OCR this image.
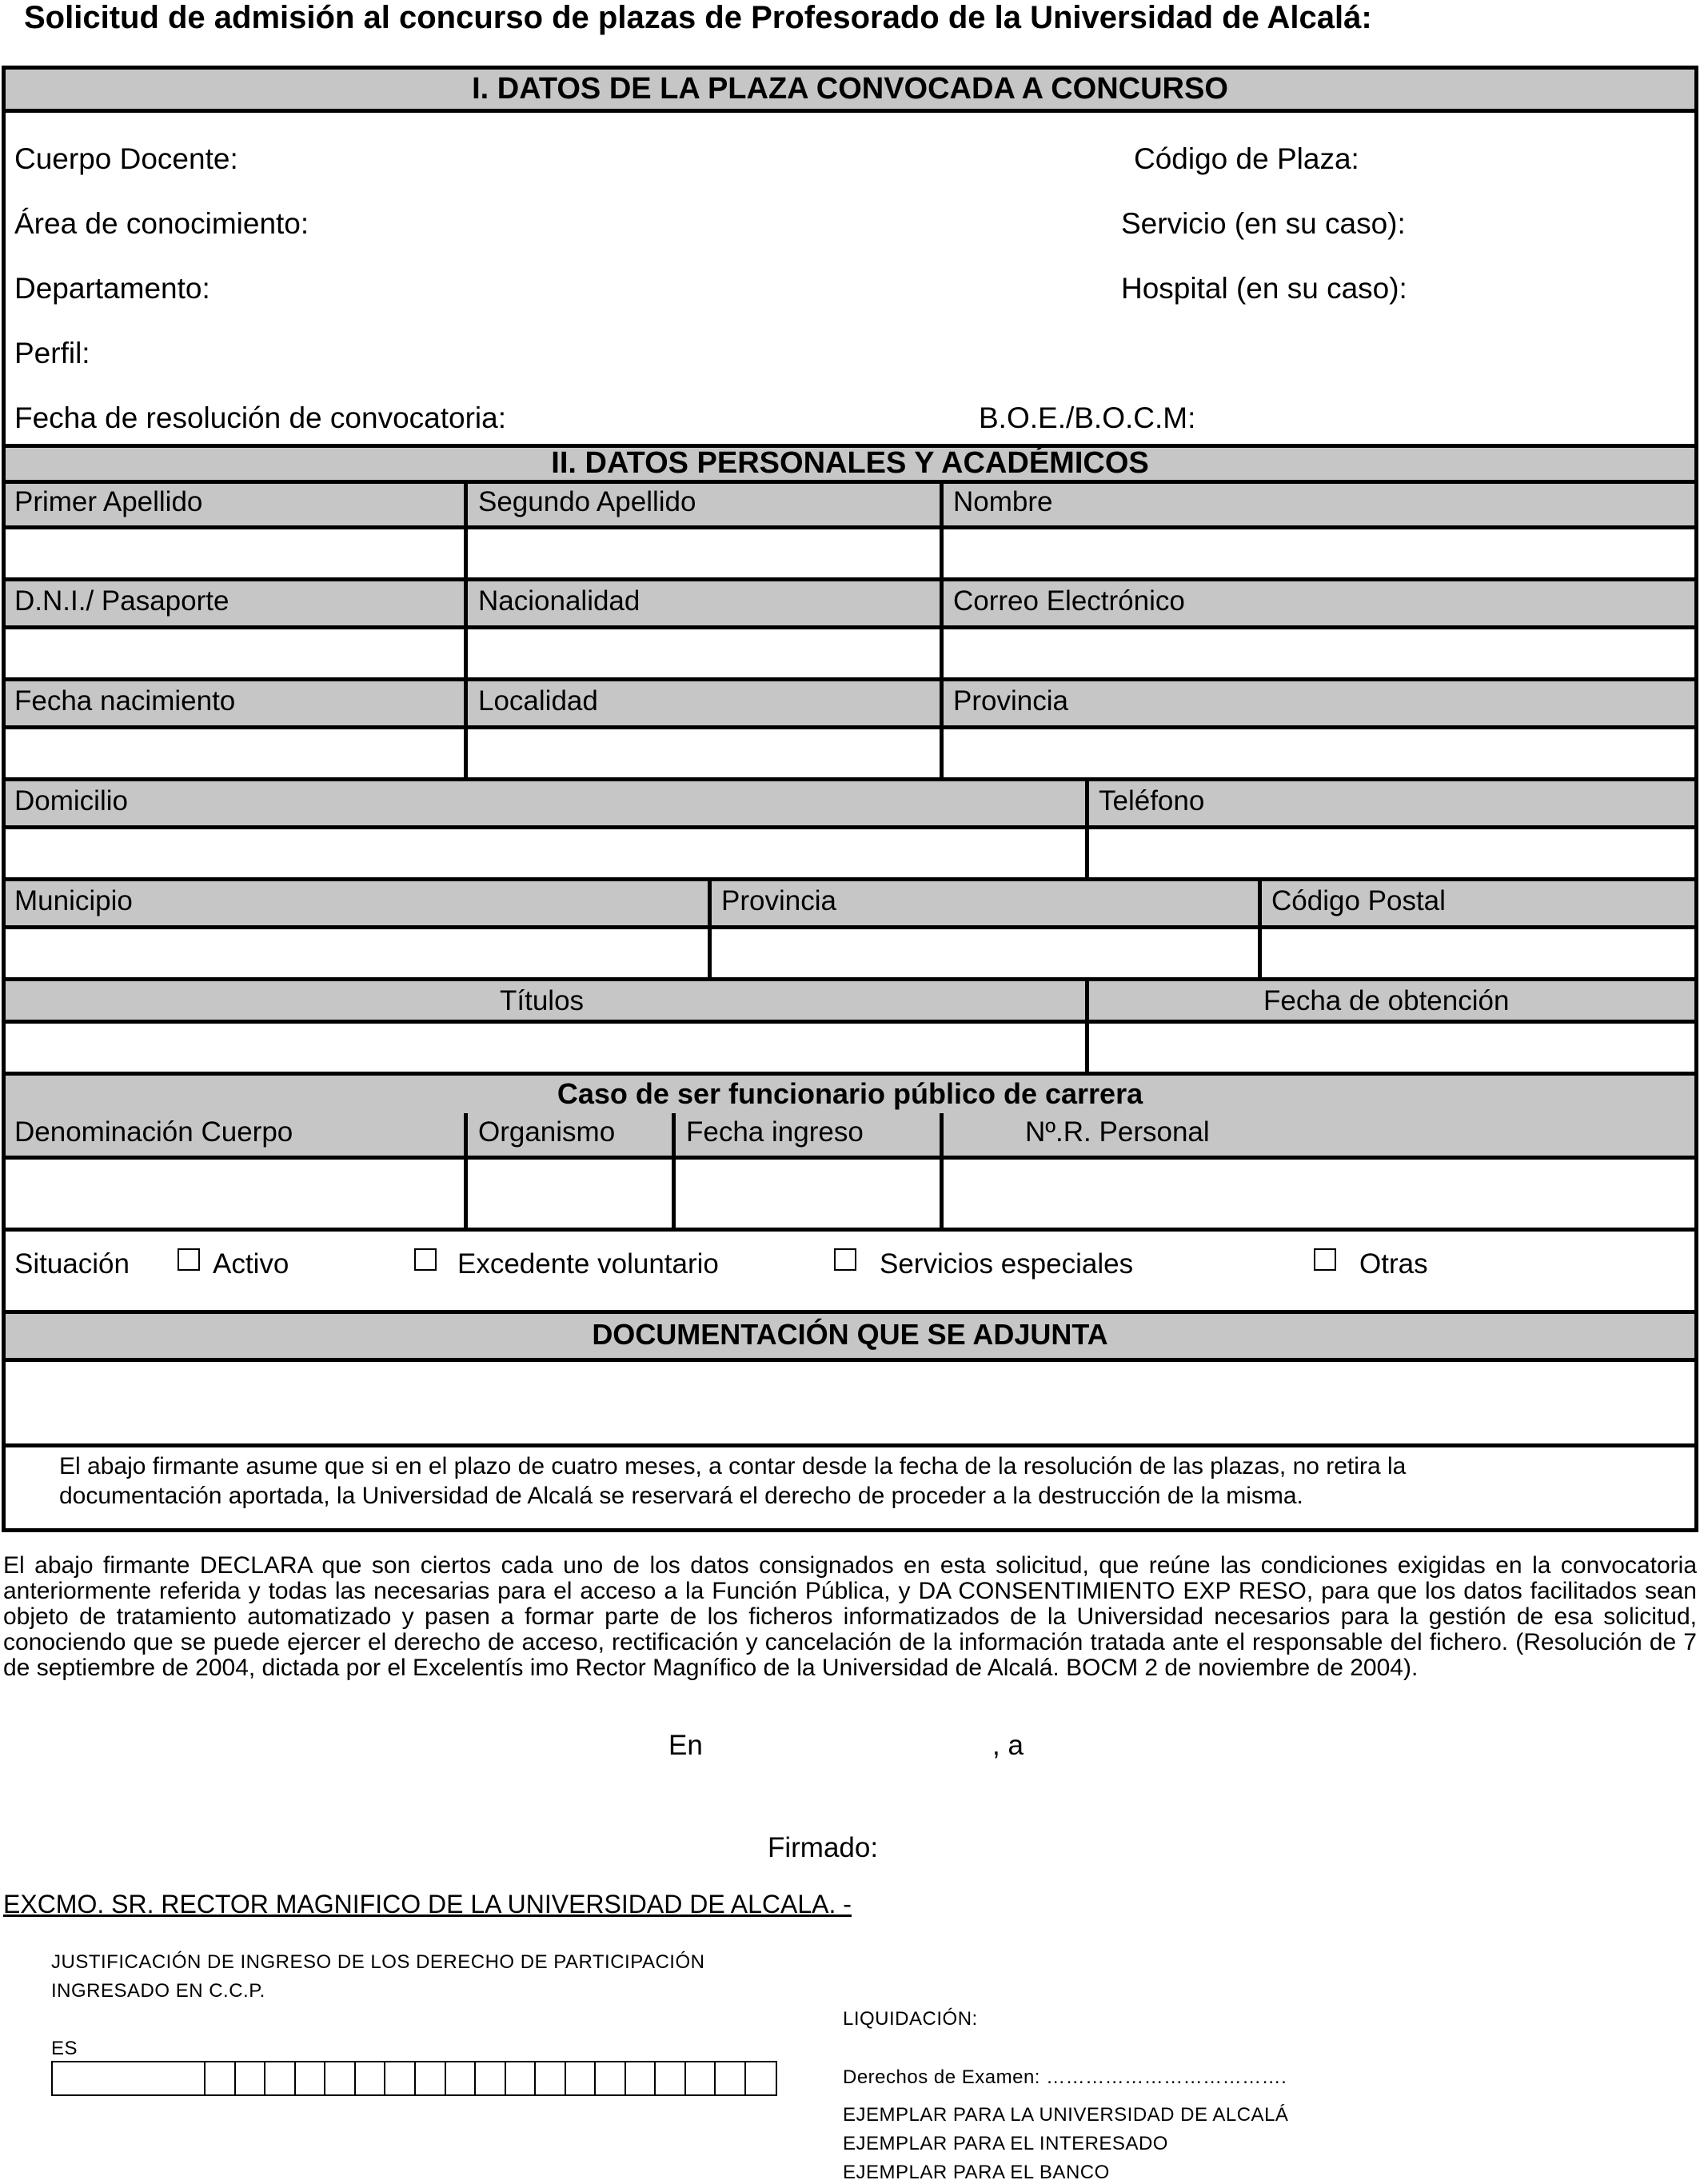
Solicitud de admisión al concurso de plazas de Profesorado de la Universidad de Alcalá:
I. DATOS DE LA PLAZA CONVOCADA A CONCURSO
Cuerpo Docente:	Código de Plaza:
Área de conocimiento:	Servicio (en su caso):
Departamento:	Hospital (en su caso):
Perfil:
Fecha de resolución de convocatoria:	B.O.E./B.O.C.M:
II. DATOS PERSONALES Y ACADÉMICOS
Primer Apellido	Segundo Apellido	Nombre
D.N.I./ Pasaporte	Nacionalidad	Correo Electrónico
Fecha nacimiento	Localidad	Provincia
Domicilio	Teléfono
Municipio	Provincia	Código Postal
Títulos	Fecha de obtención
Caso de ser funcionario público de carrera
Denominación Cuerpo	Organismo	Fecha ingreso	Nº.R. Personal
Situación	Activo	Excedente voluntario	Servicios especiales	Otras
DOCUMENTACIÓN QUE SE ADJUNTA
El abajo firmante asume que si en el plazo de cuatro meses, a contar desde la fecha de la resolución de las plazas, no retira la
documentación aportada, la Universidad de Alcalá se reservará el derecho de proceder a la destrucción de la misma.
El abajo firmante DECLARA que son ciertos cada uno de los datos consignados en esta solicitud, que reúne las condiciones exigidas en la convocatoria anteriormente referida y todas las necesarias para el acceso a la Función Pública, y DA CONSENTIMIENTO EXP RESO, para que los datos facilitados sean objeto de tratamiento automatizado y pasen a formar parte de los ficheros informatizados de la Universidad necesarios para la gestión de esa solicitud, conociendo que se puede ejercer el derecho de acceso, rectificación y cancelación de la información tratada ante el responsable del fichero. (Resolución de 7 de septiembre de 2004, dictada por el Excelentís imo Rector Magnífico de la Universidad de Alcalá. BOCM 2 de noviembre de 2004).
En	, a
Firmado:
EXCMO. SR. RECTOR MAGNIFICO DE LA UNIVERSIDAD DE ALCALA. -
JUSTIFICACIÓN DE INGRESO DE LOS DERECHO DE PARTICIPACIÓN
INGRESADO EN C.C.P.
ES
LIQUIDACIÓN:
Derechos de Examen: ……………………………….
EJEMPLAR PARA LA UNIVERSIDAD DE ALCALÁ
EJEMPLAR PARA EL INTERESADO
EJEMPLAR PARA EL BANCO
